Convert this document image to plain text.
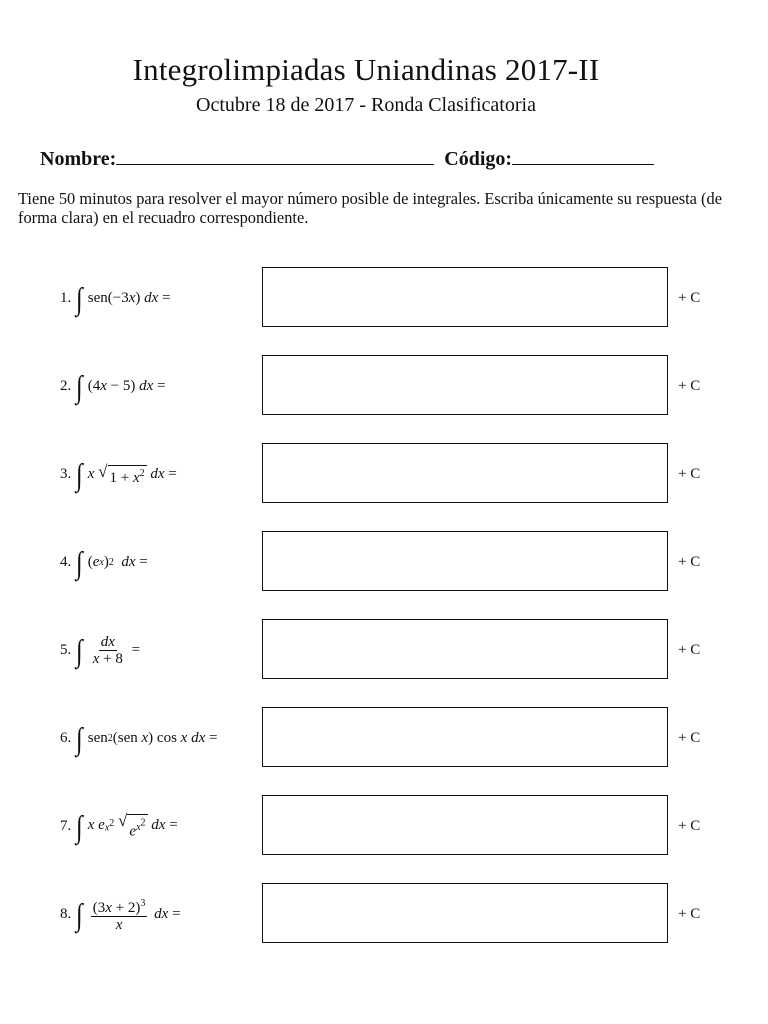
Integrolimpiadas Uniandinas 2017-II
Octubre 18 de 2017 - Ronda Clasificatoria
Nombre:	Código:
Tiene 50 minutos para resolver el mayor número posible de integrales. Escriba únicamente su respuesta (de forma clara) en el recuadro correspondiente.
1. ∫ sen(−3 x ) dx =	+ C
2. ∫ (4 x − 5) dx =	+ C
3. ∫ x
√ $1 + x^2$
dx =	+ C
4. ∫ ( e x ) 2
dx =	+ C
5. ∫ $\frac{dx}{x + 8}$ =	+ C
6. ∫ sen 2 (sen x ) cos x
dx =	+ C
7. ∫ x
e $x^2$
√
$e^{x^2}$
dx =	+ C
8. ∫ $\frac{(3x + 2)^3}{x}$
dx =	+ C
